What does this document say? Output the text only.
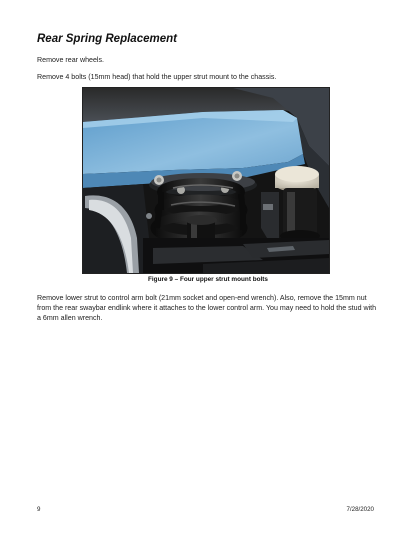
Rear Spring Replacement
Remove rear wheels.
Remove 4 bolts (15mm head) that hold the upper strut mount to the chassis.
Figure 9 – Four upper strut mount bolts
Remove lower strut to control arm bolt (21mm socket and open-end wrench). Also, remove the 15mm nut from the rear swaybar endlink where it attaches to the lower control arm. You may need to hold the stud with a 6mm allen wrench.
9	7/28/2020
